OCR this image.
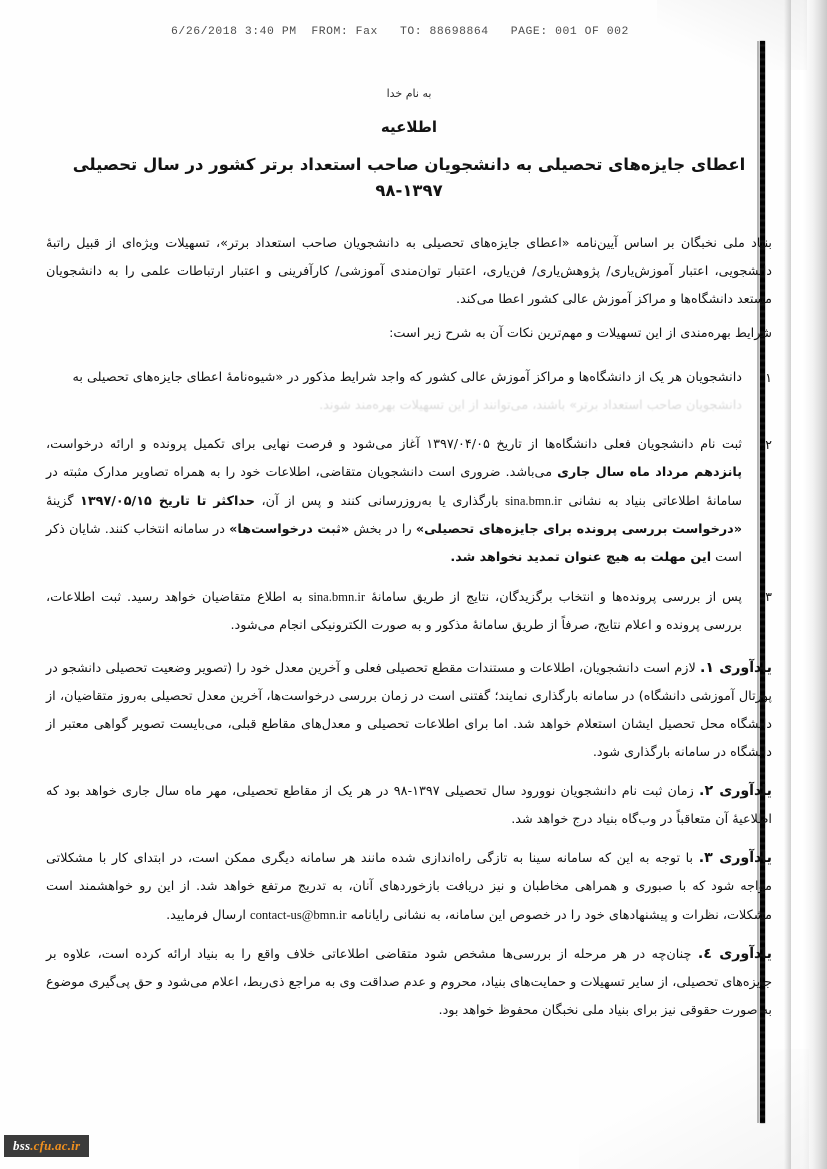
6/26/2018 3:40 PM  FROM: Fax   TO: 88698864   PAGE: 001 OF 002

به نام خدا

اطلاعیه

اعطای جایزه‌های تحصیلی به دانشجویان صاحب استعداد برتر کشور در سال تحصیلی ۱۳۹۷-۹۸

بنیاد ملی نخبگان بر اساس آیین‌نامه «اعطای جایزه‌های تحصیلی به دانشجویان صاحب استعداد برتر»، تسهیلات ویژه‌ای از قبیل راتبهٔ دانشجویی، اعتبار آموزش‌یاری/ پژوهش‌یاری/ فن‌یاری، اعتبار توان‌مندی آموزشی/ کارآفرینی و اعتبار ارتباطات علمی را به دانشجویان مستعد دانشگاه‌ها و مراکز آموزش عالی کشور اعطا می‌کند.

شرایط بهره‌مندی از این تسهیلات و مهم‌ترین نکات آن به شرح زیر است:

۱.
دانشجویان هر یک از دانشگاه‌ها و مراکز آموزش عالی کشور که واجد شرایط مذکور در «شیوه‌نامهٔ اعطای جایزه‌های تحصیلی به
دانشجویان صاحب استعداد برتر» باشند، می‌توانند از این تسهیلات بهره‌مند شوند.
۲.
ثبت نام دانشجویان فعلی دانشگاه‌ها از تاریخ ۱۳۹۷/۰۴/۰۵ آغاز می‌شود و فرصت نهایی برای تکمیل پرونده و ارائه درخواست، پانزدهم مرداد ماه سال جاری می‌باشد. ضروری است دانشجویان متقاضی، اطلاعات خود را به همراه تصاویر مدارک مثبته در سامانهٔ اطلاعاتی بنیاد به نشانی sina.bmn.ir بارگذاری یا به‌روزرسانی کنند و پس از آن، حداکثر تا تاریخ ۱۳۹۷/۰۵/۱۵ گزینهٔ «درخواست بررسی پرونده برای جایزه‌های تحصیلی» را در بخش «ثبت درخواست‌ها» در سامانه انتخاب کنند. شایان ذکر است این مهلت به هیچ عنوان تمدید نخواهد شد.
۳.
پس از بررسی پرونده‌ها و انتخاب برگزیدگان، نتایج از طریق سامانهٔ sina.bmn.ir به اطلاع متقاضیان خواهد رسید. ثبت اطلاعات، بررسی پرونده و اعلام نتایج، صرفاً از طریق سامانهٔ مذکور و به صورت الکترونیکی انجام می‌شود.

یادآوری ۱. لازم است دانشجویان، اطلاعات و مستندات مقطع تحصیلی فعلی و آخرین معدل خود را (تصویر وضعیت تحصیلی دانشجو در پورتال آموزشی دانشگاه) در سامانه بارگذاری نمایند؛ گفتنی است در زمان بررسی درخواست‌ها، آخرین معدل تحصیلی به‌روز متقاضیان، از دانشگاه محل تحصیل ایشان استعلام خواهد شد. اما برای اطلاعات تحصیلی و معدل‌های مقاطع قبلی، می‌بایست تصویر گواهی معتبر از دانشگاه در سامانه بارگذاری شود.

یادآوری ۲. زمان ثبت نام دانشجویان نوورود سال تحصیلی ۱۳۹۷-۹۸ در هر یک از مقاطع تحصیلی، مهر ماه سال جاری خواهد بود که اطلاعیهٔ آن متعاقباً در وب‌گاه بنیاد درج خواهد شد.

یادآوری ۳. با توجه به این که سامانه سینا به تازگی راه‌اندازی شده مانند هر سامانه دیگری ممکن است، در ابتدای کار با مشکلاتی مواجه شود که با صبوری و همراهی مخاطبان و نیز دریافت بازخوردهای آنان، به تدریج مرتفع خواهد شد. از این رو خواهشمند است مشکلات، نظرات و پیشنهادهای خود را در خصوص این سامانه، به نشانی رایانامه contact-us@bmn.ir ارسال فرمایید.

یادآوری ٤. چنان‌چه در هر مرحله از بررسی‌ها مشخص شود متقاضی اطلاعاتی خلاف واقع را به بنیاد ارائه کرده است، علاوه بر جایزه‌های تحصیلی، از سایر تسهیلات و حمایت‌های بنیاد، محروم و عدم صداقت وی به مراجع ذی‌ربط، اعلام می‌شود و حق پی‌گیری موضوع به صورت حقوقی نیز برای بنیاد ملی نخبگان محفوظ خواهد بود.

bss.cfu.ac.ir
